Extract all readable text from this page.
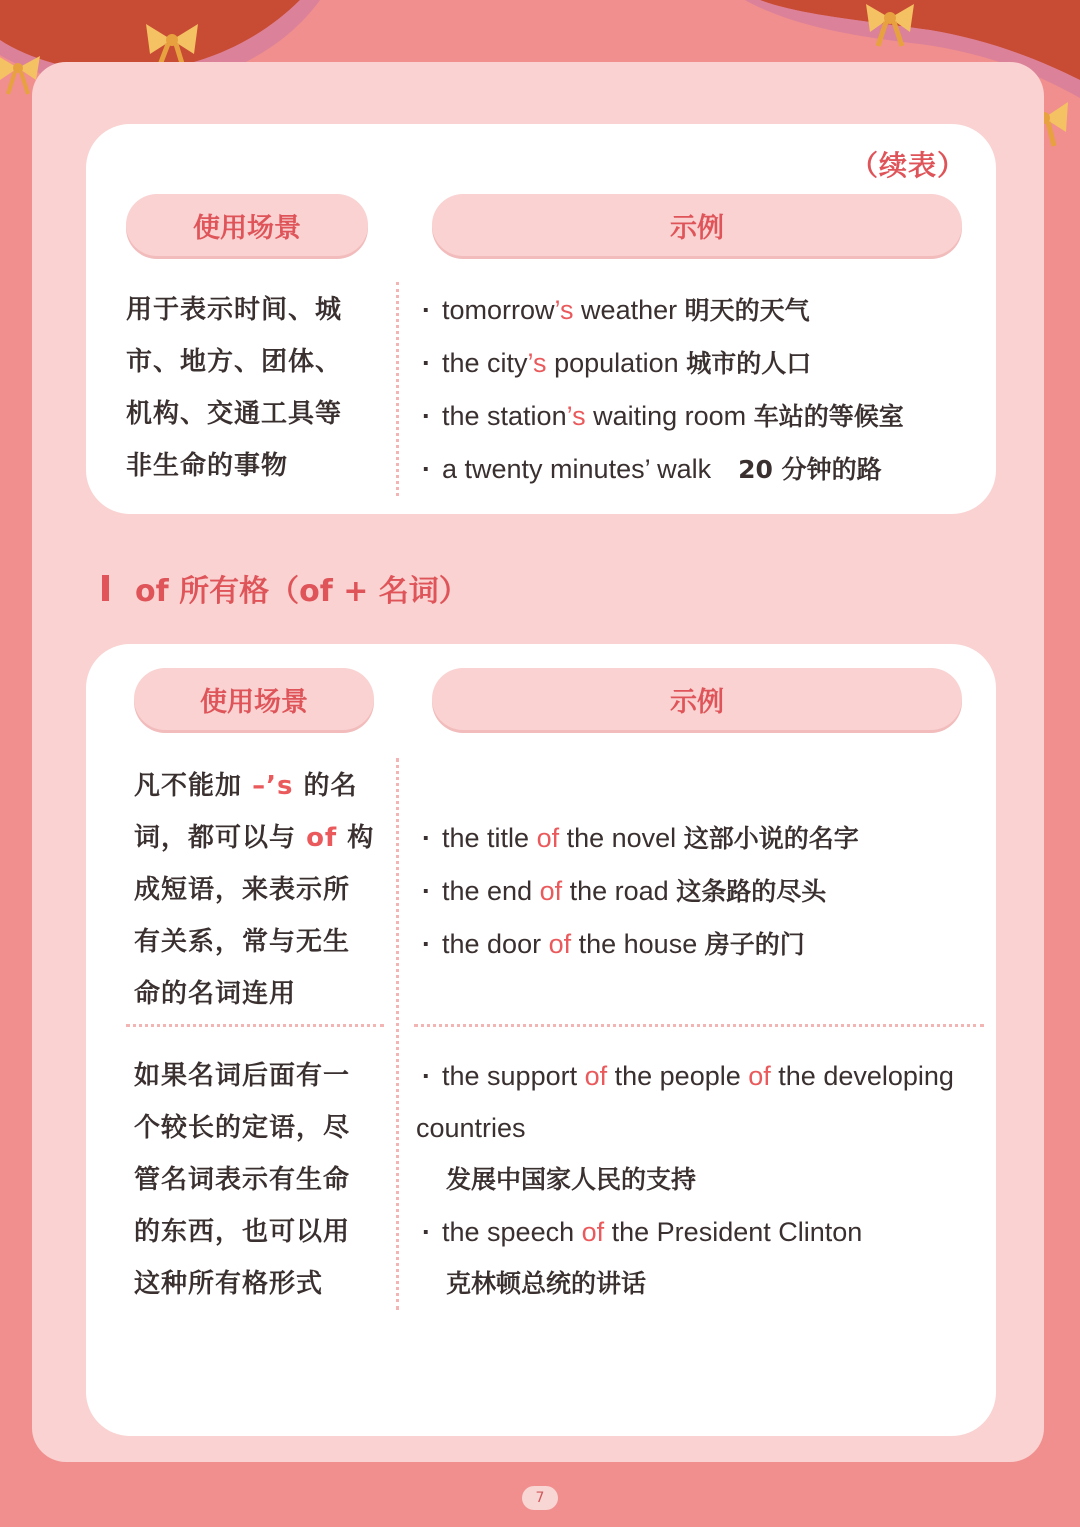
（续表）
使用场景	示例
用于表示时间、城
市、地方、团体、
机构、交通工具等
非生命的事物
· tomorrow’s weather 明天的天气
· the city’s population 城市的人口
· the station’s waiting room 车站的等候室
· a twenty minutes’ walk　 20 分钟的路
of 所有格（of + 名词）
使用场景	示例
凡不能加 –’s 的名
词，都可以与 of 构
成短语，来表示所
有关系，常与无生
命的名词连用
· the title of the novel 这部小说的名字
· the end of the road 这条路的尽头
· the door of the house 房子的门
如果名词后面有一
个较长的定语，尽
管名词表示有生命
的东西，也可以用
这种所有格形式
· the support of the people of the developing
countries
发展中国家人民的支持
· the speech of the President Clinton
克林顿总统的讲话
7
